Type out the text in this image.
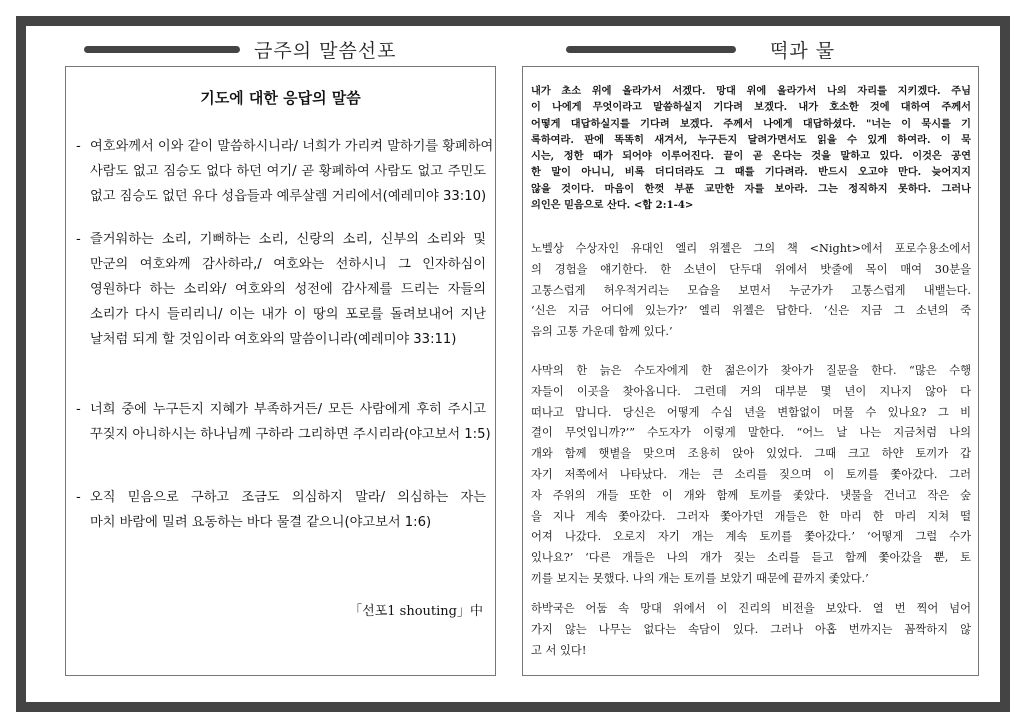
금주의 말씀선포	떡과 물
기도에 대한 응답의 말씀
「선포1 shouting」中
- 여호와께서 이와 같이 말씀하시니라/ 너희가 가리켜 말하기를 황폐하여
사람도 없고 짐승도 없다 하던 여기/ 곧 황폐하여 사람도 없고 주민도
없고 짐승도 없던 유다 성읍들과 예루살렘 거리에서(예레미야 33:10)
- 즐거워하는 소리, 기뻐하는 소리, 신랑의 소리, 신부의 소리와 및
만군의 여호와께 감사하라,/ 여호와는 선하시니 그 인자하심이
영원하다 하는 소리와/ 여호와의 성전에 감사제를 드리는 자들의
소리가 다시 들리리니/ 이는 내가 이 땅의 포로를 돌려보내어 지난
날처럼 되게 할 것임이라 여호와의 말씀이니라(예레미야 33:11)
- 너희 중에 누구든지 지혜가 부족하거든/ 모든 사람에게 후히 주시고
꾸짖지 아니하시는 하나님께 구하라 그리하면 주시리라(야고보서 1:5)
- 오직 믿음으로 구하고 조금도 의심하지 말라/ 의심하는 자는
마치 바람에 밀려 요동하는 바다 물결 같으니(야고보서 1:6)
내가 초소 위에 올라가서 서겠다. 망대 위에 올라가서 나의 자리를 지키겠다. 주님
이 나에게 무엇이라고 말씀하실지 기다려 보겠다. 내가 호소한 것에 대하여 주께서
어떻게 대답하실지를 기다려 보겠다. 주께서 나에게 대답하셨다. "너는 이 묵시를 기
록하여라. 판에 똑똑히 새겨서, 누구든지 달려가면서도 읽을 수 있게 하여라. 이 묵
시는, 정한 때가 되어야 이루어진다. 끝이 곧 온다는 것을 말하고 있다. 이것은 공연
한 말이 아니니, 비록 더디더라도 그 때를 기다려라. 반드시 오고야 만다. 늦어지지
않을 것이다. 마음이 한껏 부푼 교만한 자를 보아라. 그는 정직하지 못하다. 그러나
의인은 믿음으로 산다. <합 2:1-4>
노벨상 수상자인 유대인 엘리 위젤은 그의 책 <Night>에서 포로수용소에서
의 경험을 얘기한다. 한 소년이 단두대 위에서 밧줄에 목이 매여 30분을
고통스럽게 허우적거리는 모습을 보면서 누군가가 고통스럽게 내뱉는다.
‘신은 지금 어디에 있는가?’ 엘리 위젤은 답한다. ‘신은 지금 그 소년의 죽
음의 고통 가운데 함께 있다.’
사막의 한 늙은 수도자에게 한 젊은이가 찾아가 질문을 한다. “많은 수행
자들이 이곳을 찾아옵니다. 그런데 거의 대부분 몇 년이 지나지 않아 다
떠나고 맙니다. 당신은 어떻게 수십 년을 변함없이 머물 수 있나요? 그 비
결이 무엇입니까?’” 수도자가 이렇게 말한다. “어느 날 나는 지금처럼 나의
개와 함께 햇볕을 맞으며 조용히 앉아 있었다. 그때 크고 하얀 토끼가 갑
자기 저쪽에서 나타났다. 개는 큰 소리를 짖으며 이 토끼를 쫓아갔다. 그러
자 주위의 개들 또한 이 개와 함께 토끼를 좇았다. 냇물을 건너고 작은 숲
을 지나 계속 쫓아갔다. 그러자 쫓아가던 개들은 한 마리 한 마리 지쳐 떨
어져 나갔다. 오로지 자기 개는 계속 토끼를 쫓아갔다.’ ‘어떻게 그럴 수가
있나요?’ ‘다른 개들은 나의 개가 짖는 소리를 듣고 함께 쫓아갔을 뿐, 토
끼를 보지는 못했다. 나의 개는 토끼를 보았기 때문에 끝까지 좇았다.’
하박국은 어둠 속 망대 위에서 이 진리의 비전을 보았다. 열 번 찍어 넘어
가지 않는 나무는 없다는 속담이 있다. 그러나 아홉 번까지는 꼼짝하지 않
고 서 있다!
